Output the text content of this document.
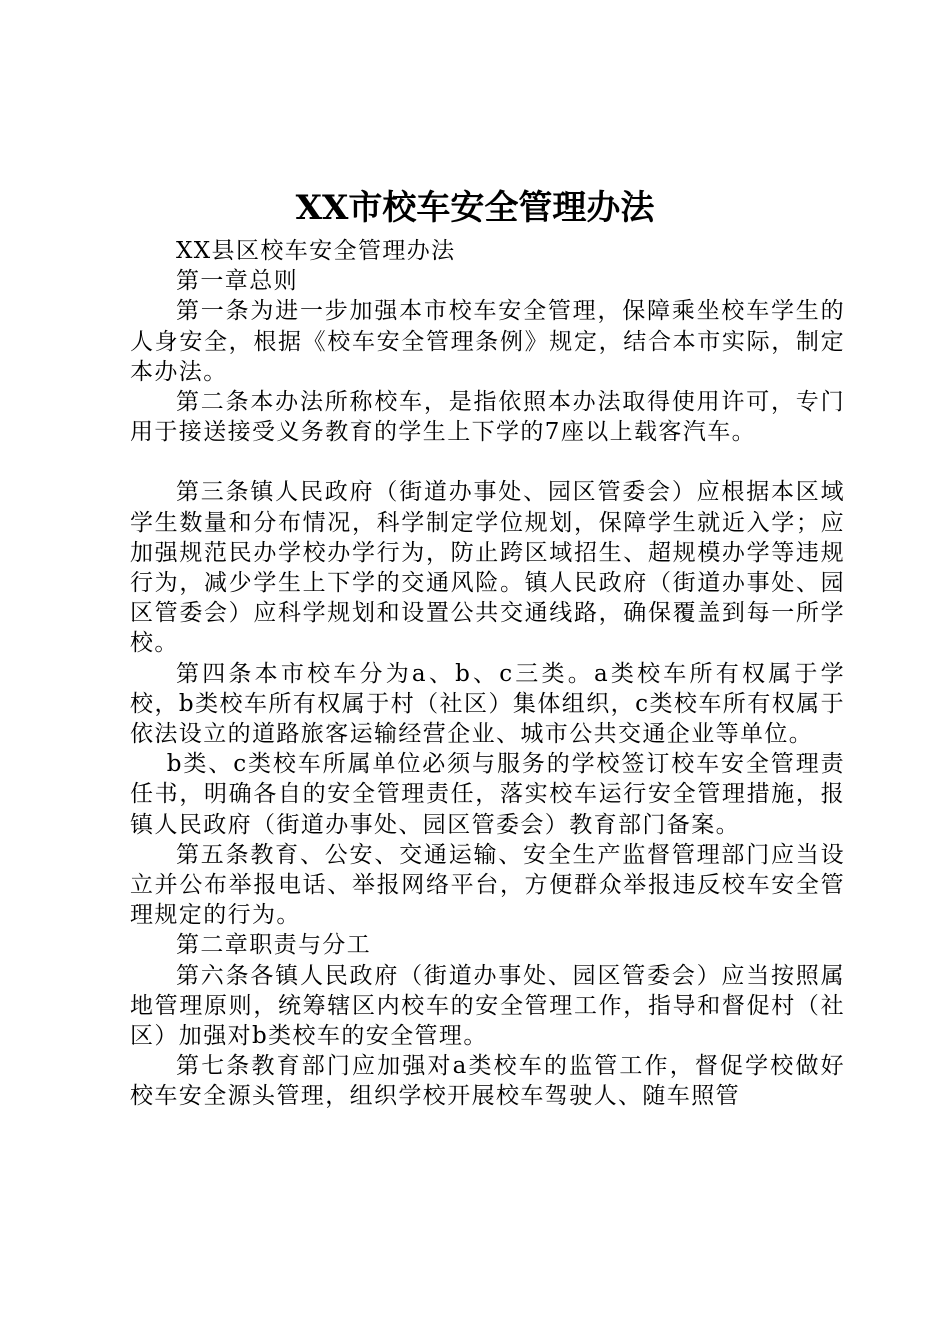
XX市校车安全管理办法

XX县区校车安全管理办法

第一章总则

第一条为进一步加强本市校车安全管理，保障乘坐校车学生的人身安全，根据《校车安全管理条例》规定，结合本市实际，制定本办法。

第二条本办法所称校车，是指依照本办法取得使用许可，专门用于接送接受义务教育的学生上下学的7座以上载客汽车。

第三条镇人民政府（街道办事处、园区管委会）应根据本区域学生数量和分布情况，科学制定学位规划，保障学生就近入学；应加强规范民办学校办学行为，防止跨区域招生、超规模办学等违规行为，减少学生上下学的交通风险。镇人民政府（街道办事处、园区管委会）应科学规划和设置公共交通线路，确保覆盖到每一所学校。

第四条本市校车分为a、b、c三类。a类校车所有权属于学校，b类校车所有权属于村（社区）集体组织，c类校车所有权属于依法设立的道路旅客运输经营企业、城市公共交通企业等单位。

b类、c类校车所属单位必须与服务的学校签订校车安全管理责任书，明确各自的安全管理责任，落实校车运行安全管理措施，报镇人民政府（街道办事处、园区管委会）教育部门备案。

第五条教育、公安、交通运输、安全生产监督管理部门应当设立并公布举报电话、举报网络平台，方便群众举报违反校车安全管理规定的行为。

第二章职责与分工

第六条各镇人民政府（街道办事处、园区管委会）应当按照属地管理原则，统筹辖区内校车的安全管理工作，指导和督促村（社区）加强对b类校车的安全管理。

第七条教育部门应加强对a类校车的监管工作，督促学校做好校车安全源头管理，组织学校开展校车驾驶人、随车照管
